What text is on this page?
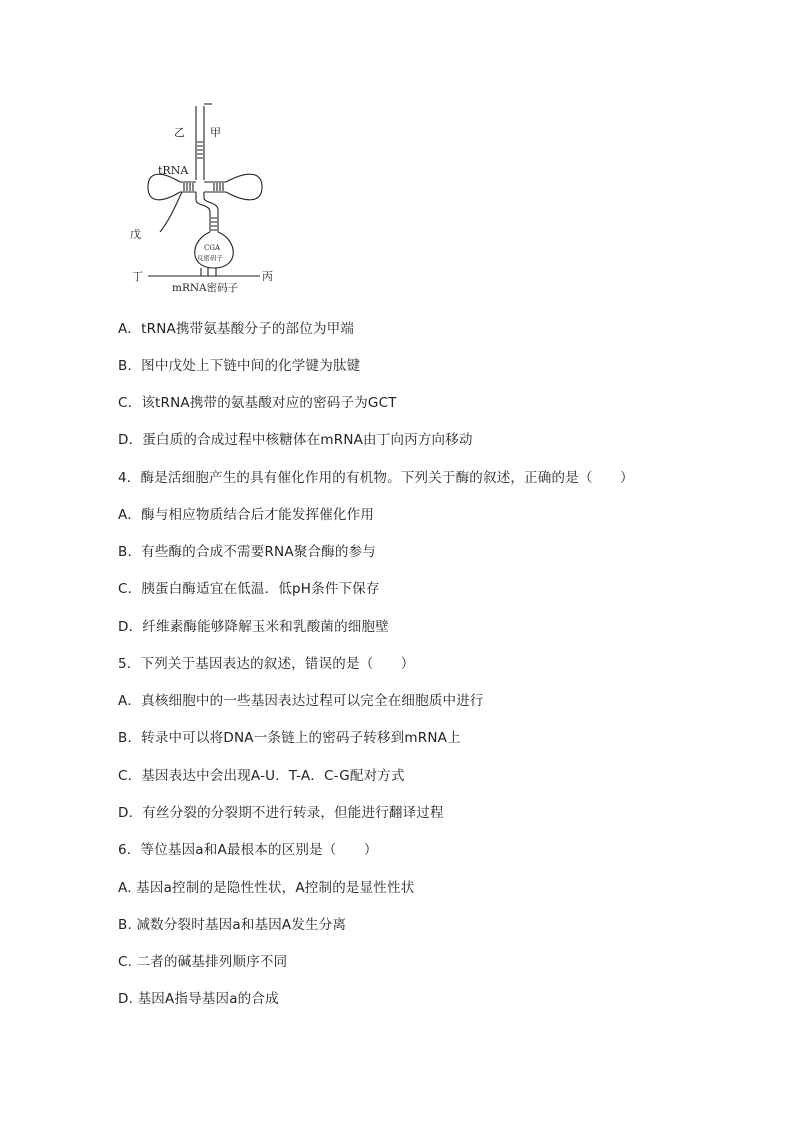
乙 甲
tRNA
戊
CGA
反密码子
丁	丙
mRNA密码子
A．tRNA携带氨基酸分子的部位为甲端
B．图中戊处上下链中间的化学键为肽键
C．该tRNA携带的氨基酸对应的密码子为GCT
D．蛋白质的合成过程中核糖体在mRNA由丁向丙方向移动
4．酶是活细胞产生的具有催化作用的有机物。下列关于酶的叙述，正确的是（　　）
A．酶与相应物质结合后才能发挥催化作用
B．有些酶的合成不需要RNA聚合酶的参与
C．胰蛋白酶适宜在低温．低pH条件下保存
D．纤维素酶能够降解玉米和乳酸菌的细胞壁
5．下列关于基因表达的叙述，错误的是（　　）
A．真核细胞中的一些基因表达过程可以完全在细胞质中进行
B．转录中可以将DNA一条链上的密码子转移到mRNA上
C．基因表达中会出现A-U．T-A．C-G配对方式
D．有丝分裂的分裂期不进行转录，但能进行翻译过程
6．等位基因a和A最根本的区别是（　　）
A. 基因a控制的是隐性性状，A控制的是显性性状
B. 减数分裂时基因a和基因A发生分离
C. 二者的碱基排列顺序不同
D. 基因A指导基因a的合成
